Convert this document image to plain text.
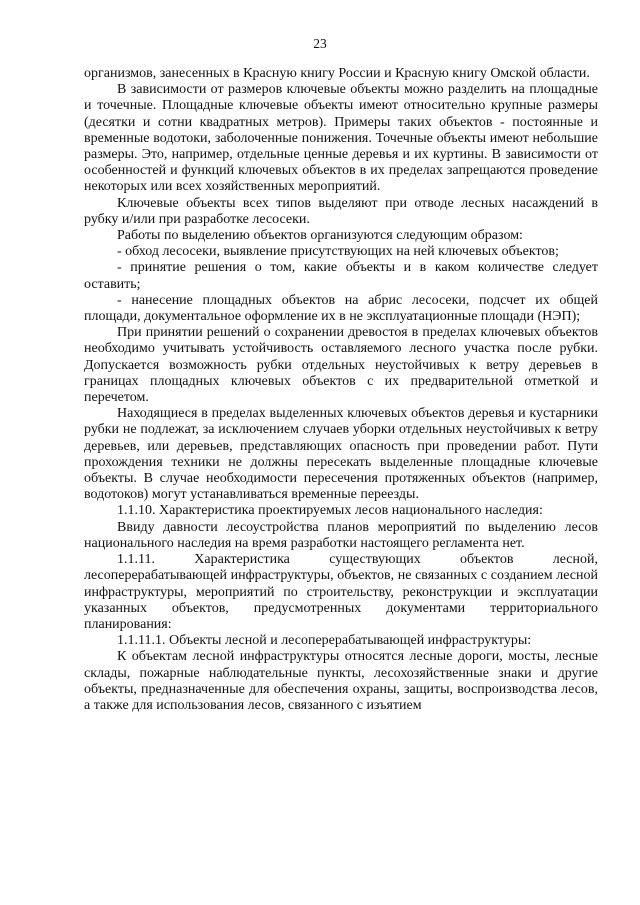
23

организмов, занесенных в Красную книгу России и Красную книгу Омской области.

В зависимости от размеров ключевые объекты можно разделить на площадные и точечные. Площадные ключевые объекты имеют относительно крупные размеры (десятки и сотни квадратных метров). Примеры таких объектов - постоянные и временные водотоки, заболоченные понижения. Точечные объекты имеют небольшие размеры. Это, например, отдельные ценные деревья и их куртины. В зависимости от особенностей и функций ключевых объектов в их пределах запрещаются проведение некоторых или всех хозяйственных мероприятий.

Ключевые объекты всех типов выделяют при отводе лесных насаждений в рубку и/или при разработке лесосеки.

Работы по выделению объектов организуются следующим образом:

- обход лесосеки, выявление присутствующих на ней ключевых объектов;

- принятие решения о том, какие объекты и в каком количестве следует оставить;

- нанесение площадных объектов на абрис лесосеки, подсчет их общей площади, документальное оформление их в не эксплуатационные площади (НЭП);

При принятии решений о сохранении древостоя в пределах ключевых объектов необходимо учитывать устойчивость оставляемого лесного участка после рубки. Допускается возможность рубки отдельных неустойчивых к ветру деревьев в границах площадных ключевых объектов с их предварительной отметкой и перечетом.

Находящиеся в пределах выделенных ключевых объектов деревья и кустарники рубки не подлежат, за исключением случаев уборки отдельных неустойчивых к ветру деревьев, или деревьев, представляющих опасность при проведении работ. Пути прохождения техники не должны пересекать выделенные площадные ключевые объекты. В случае необходимости пересечения протяженных объектов (например, водотоков) могут устанавливаться временные переезды.

1.1.10. Характеристика проектируемых лесов национального наследия:

Ввиду давности лесоустройства планов мероприятий по выделению лесов национального наследия на время разработки настоящего регламента нет.

1.1.11. Характеристика существующих объектов лесной, лесоперерабатывающей инфраструктуры, объектов, не связанных с созданием лесной инфраструктуры, мероприятий по строительству, реконструкции и эксплуатации указанных объектов, предусмотренных документами территориального планирования:

1.1.11.1. Объекты лесной и лесоперерабатывающей инфраструктуры:

К объектам лесной инфраструктуры относятся лесные дороги, мосты, лесные склады, пожарные наблюдательные пункты, лесохозяйственные знаки и другие объекты, предназначенные для обеспечения охраны, защиты, воспроизводства лесов, а также для использования лесов, связанного с изъятием
